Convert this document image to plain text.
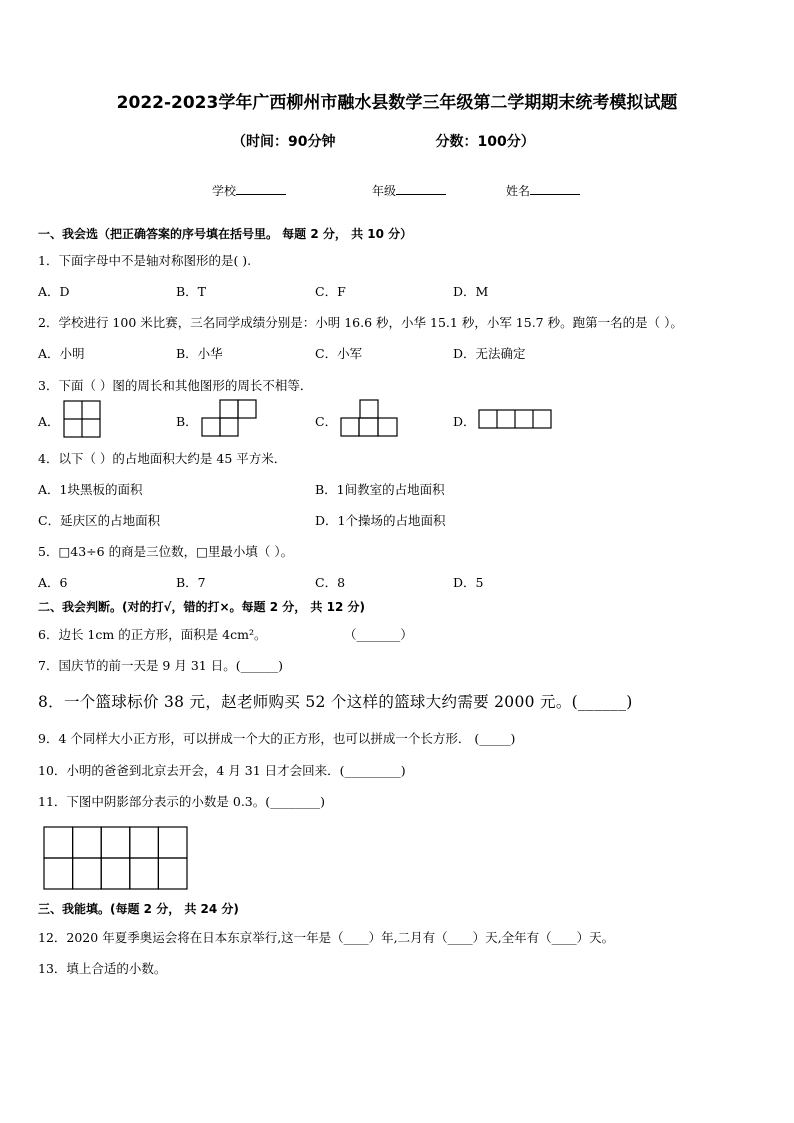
2022-2023学年广西柳州市融水县数学三年级第二学期期末统考模拟试题
（时间：90分钟	分数：100分）
学校	年级	姓名
一、我会选（把正确答案的序号填在括号里。 每题 2 分， 共 10 分）
1．下面字母中不是轴对称图形的是( ).
A．D	B．T	C．F	D．M
2．学校进行 100 米比赛，三名同学成绩分别是：小明 16.6 秒，小华 15.1 秒，小军 15.7 秒。跑第一名的是（ ）。
A．小明	B．小华	C．小军	D．无法确定
3．下面（ ）图的周长和其他图形的周长不相等．
A．	B．	C．	D．
4．以下（ ）的占地面积大约是 45 平方米．
A．1块黑板的面积	B．1间教室的占地面积
C．延庆区的占地面积	D．1个操场的占地面积
5．□43÷6 的商是三位数，□里最小填（ ）。
A．6	B．7	C．8	D．5
二、我会判断。(对的打√，错的打×。每题 2 分， 共 12 分)
6．边长 1cm 的正方形，面积是 4cm²。	（_______）
7．国庆节的前一天是 9 月 31 日。(______)
8．一个篮球标价 38 元，赵老师购买 52 个这样的篮球大约需要 2000 元。(______)
9．4 个同样大小正方形，可以拼成一个大的正方形，也可以拼成一个长方形． (_____)
10．小明的爸爸到北京去开会，4 月 31 日才会回来．(_________)
11．下图中阴影部分表示的小数是 0.3。(________)
三、我能填。(每题 2 分， 共 24 分)
12．2020 年夏季奥运会将在日本东京举行,这一年是（____）年,二月有（____）天,全年有（____）天。
13．填上合适的小数。
